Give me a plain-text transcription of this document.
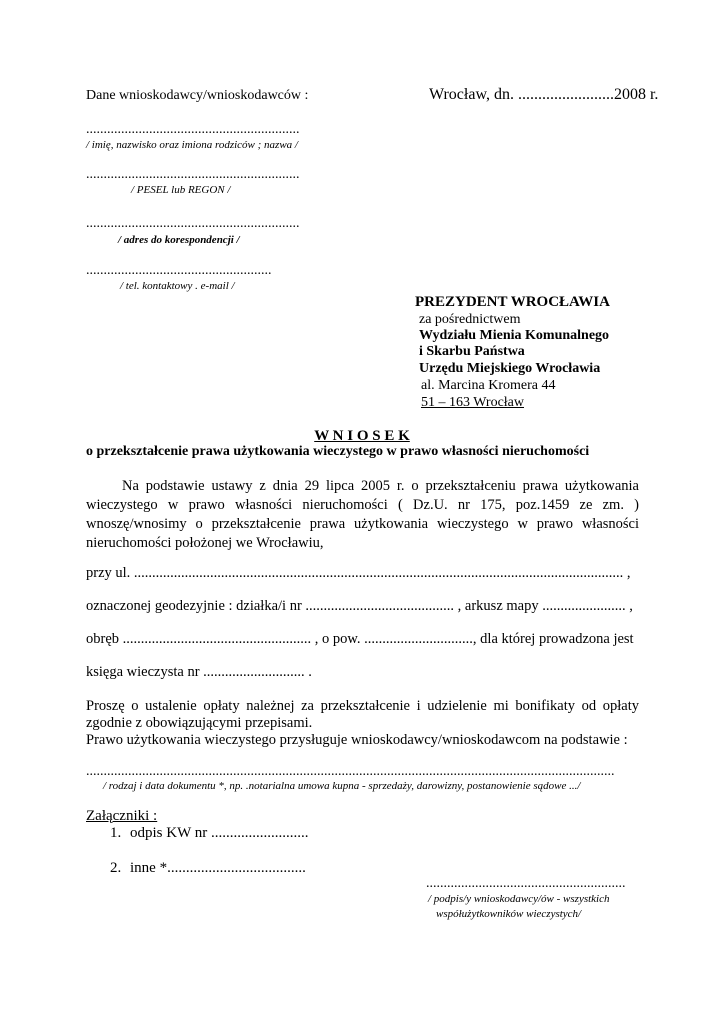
Dane wnioskodawcy/wnioskodawców :	Wrocław, dn. ........................2008 r.
.............................................................
/ imię, nazwisko oraz imiona rodziców ; nazwa /
.............................................................
/ PESEL lub REGON /
.............................................................
/ adres do korespondencji /
.....................................................
/ tel. kontaktowy . e-mail /
PREZYDENT WROCŁAWIA
za pośrednictwem
Wydziału Mienia Komunalnego
i Skarbu Państwa
Urzędu Miejskiego Wrocławia
al. Marcina Kromera 44
51 – 163 Wrocław
W N I O S E K
o przekształcenie prawa użytkowania wieczystego w prawo własności nieruchomości
Na podstawie ustawy z dnia 29 lipca 2005 r. o przekształceniu prawa użytkowania
wieczystego w prawo własności nieruchomości ( Dz.U. nr 175, poz.1459 ze zm. )
wnoszę/wnosimy o przekształcenie prawa użytkowania wieczystego w prawo własności
nieruchomości położonej we Wrocławiu,
przy ul. ....................................................................................................................................... ,
oznaczonej geodezyjnie : działka/i nr ......................................... , arkusz mapy ....................... ,
obręb .................................................... , o pow. .............................., dla której prowadzona jest
księga wieczysta nr ............................ .
Proszę o ustalenie opłaty należnej za przekształcenie i udzielenie mi bonifikaty od opłaty
zgodnie z obowiązującymi przepisami.
Prawo użytkowania wieczystego przysługuje wnioskodawcy/wnioskodawcom na podstawie :
.......................................................................................................................................................
/ rodzaj i data dokumentu *, np. .notarialna umowa kupna - sprzedaży, darowizny, postanowienie sądowe .../
Załączniki :
1. odpis KW nr ..........................
2. inne *.....................................
.........................................................
/ podpis/y wnioskodawcy/ów - wszystkich
współużytkowników wieczystych/
